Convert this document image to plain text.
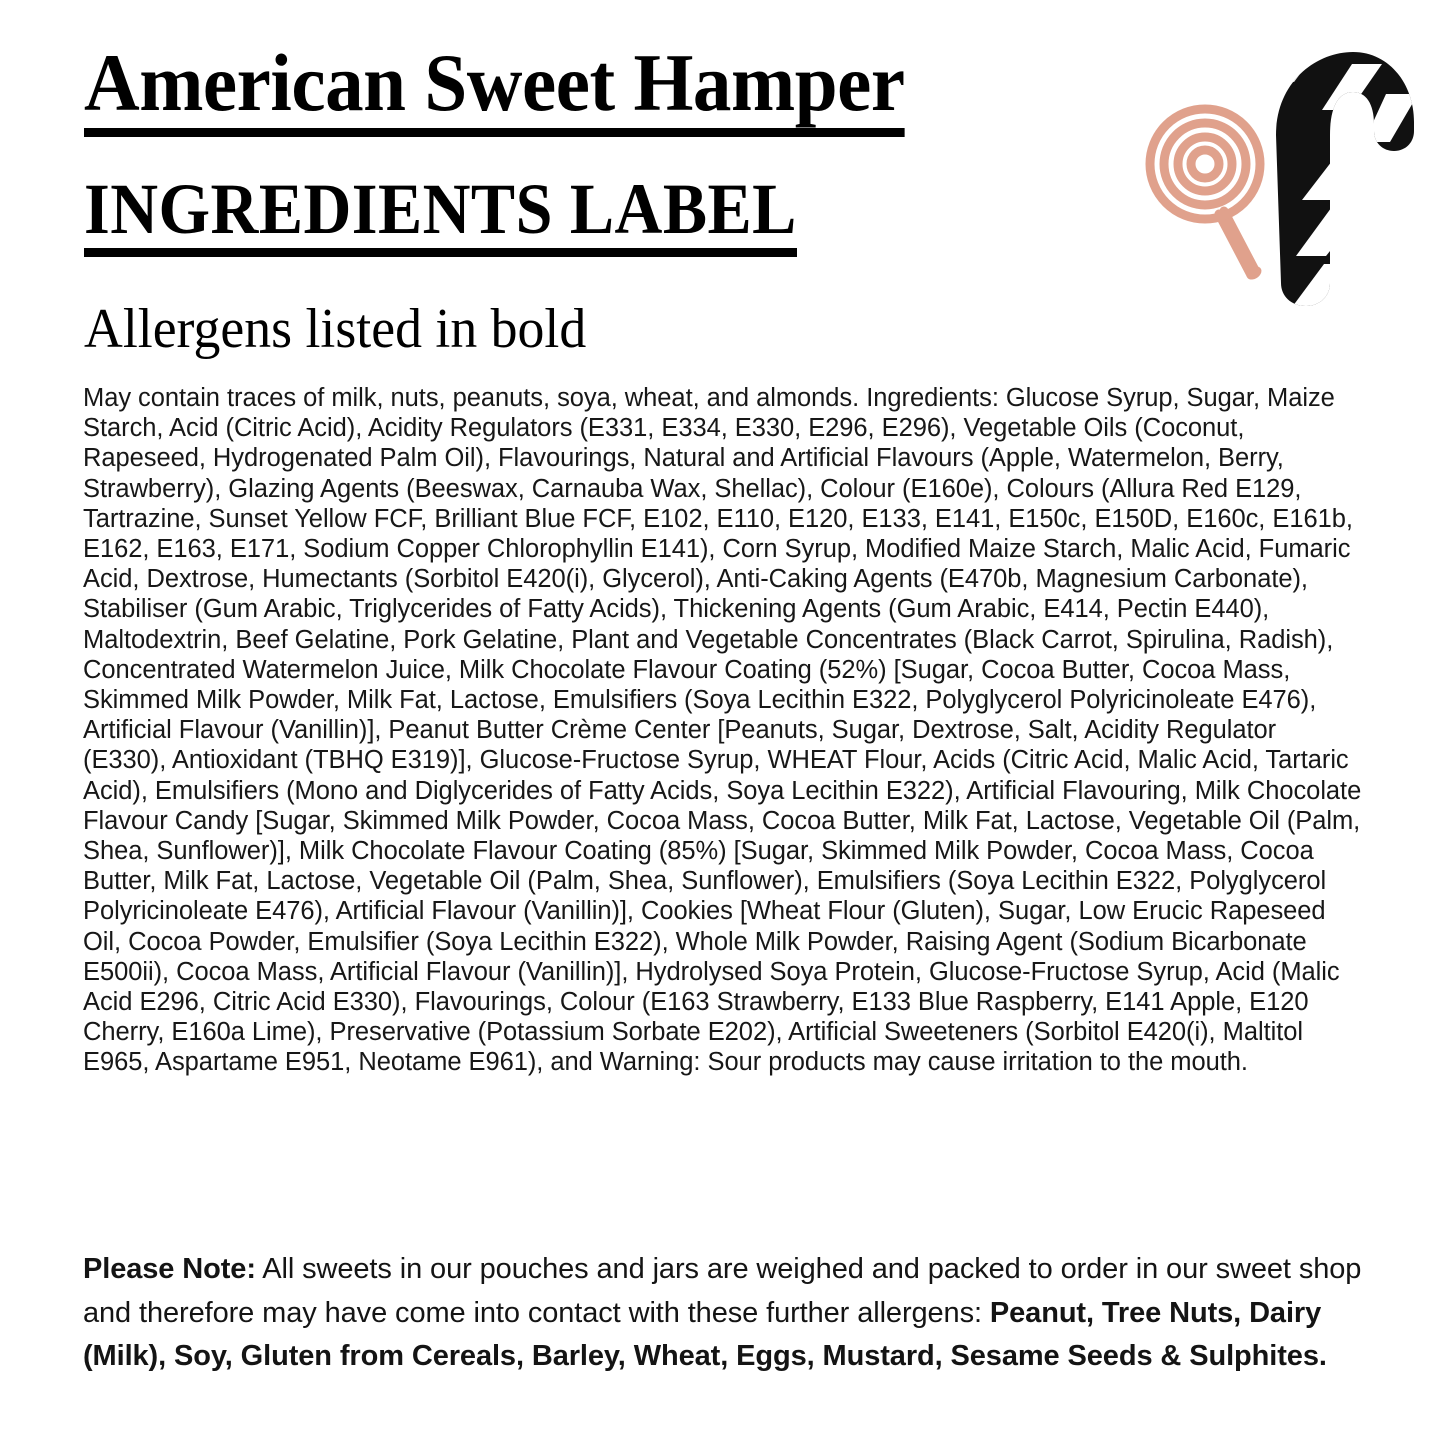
American Sweet Hamper INGREDIENTS LABEL
Allergens listed in bold
May contain traces of milk, nuts, peanuts, soya, wheat, and almonds. Ingredients: Glucose Syrup, Sugar, Maize Starch, Acid (Citric Acid), Acidity Regulators (E331, E334, E330, E296, E296), Vegetable Oils (Coconut, Rapeseed, Hydrogenated Palm Oil), Flavourings, Natural and Artificial Flavours (Apple, Watermelon, Berry, Strawberry), Glazing Agents (Beeswax, Carnauba Wax, Shellac), Colour (E160e), Colours (Allura Red E129, Tartrazine, Sunset Yellow FCF, Brilliant Blue FCF, E102, E110, E120, E133, E141, E150c, E150D, E160c, E161b, E162, E163, E171, Sodium Copper Chlorophyllin E141), Corn Syrup, Modified Maize Starch, Malic Acid, Fumaric Acid, Dextrose, Humectants (Sorbitol E420(i), Glycerol), Anti-Caking Agents (E470b, Magnesium Carbonate), Stabiliser (Gum Arabic, Triglycerides of Fatty Acids), Thickening Agents (Gum Arabic, E414, Pectin E440), Maltodextrin, Beef Gelatine, Pork Gelatine, Plant and Vegetable Concentrates (Black Carrot, Spirulina, Radish), Concentrated Watermelon Juice, Milk Chocolate Flavour Coating (52%) [Sugar, Cocoa Butter, Cocoa Mass, Skimmed Milk Powder, Milk Fat, Lactose, Emulsifiers (Soya Lecithin E322, Polyglycerol Polyricinoleate E476), Artificial Flavour (Vanillin)], Peanut Butter Crème Center [Peanuts, Sugar, Dextrose, Salt, Acidity Regulator (E330), Antioxidant (TBHQ E319)], Glucose-Fructose Syrup, WHEAT Flour, Acids (Citric Acid, Malic Acid, Tartaric Acid), Emulsifiers (Mono and Diglycerides of Fatty Acids, Soya Lecithin E322), Artificial Flavouring, Milk Chocolate Flavour Candy [Sugar, Skimmed Milk Powder, Cocoa Mass, Cocoa Butter, Milk Fat, Lactose, Vegetable Oil (Palm, Shea, Sunflower)], Milk Chocolate Flavour Coating (85%) [Sugar, Skimmed Milk Powder, Cocoa Mass, Cocoa Butter, Milk Fat, Lactose, Vegetable Oil (Palm, Shea, Sunflower), Emulsifiers (Soya Lecithin E322, Polyglycerol Polyricinoleate E476), Artificial Flavour (Vanillin)], Cookies [Wheat Flour (Gluten), Sugar, Low Erucic Rapeseed Oil, Cocoa Powder, Emulsifier (Soya Lecithin E322), Whole Milk Powder, Raising Agent (Sodium Bicarbonate E500ii), Cocoa Mass, Artificial Flavour (Vanillin)], Hydrolysed Soya Protein, Glucose-Fructose Syrup, Acid (Malic Acid E296, Citric Acid E330), Flavourings, Colour (E163 Strawberry, E133 Blue Raspberry, E141 Apple, E120 Cherry, E160a Lime), Preservative (Potassium Sorbate E202), Artificial Sweeteners (Sorbitol E420(i), Maltitol E965, Aspartame E951, Neotame E961), and Warning: Sour products may cause irritation to the mouth.
Please Note: All sweets in our pouches and jars are weighed and packed to order in our sweet shop and therefore may have come into contact with these further allergens: Peanut, Tree Nuts, Dairy (Milk), Soy, Gluten from Cereals, Barley, Wheat, Eggs, Mustard, Sesame Seeds & Sulphites.
